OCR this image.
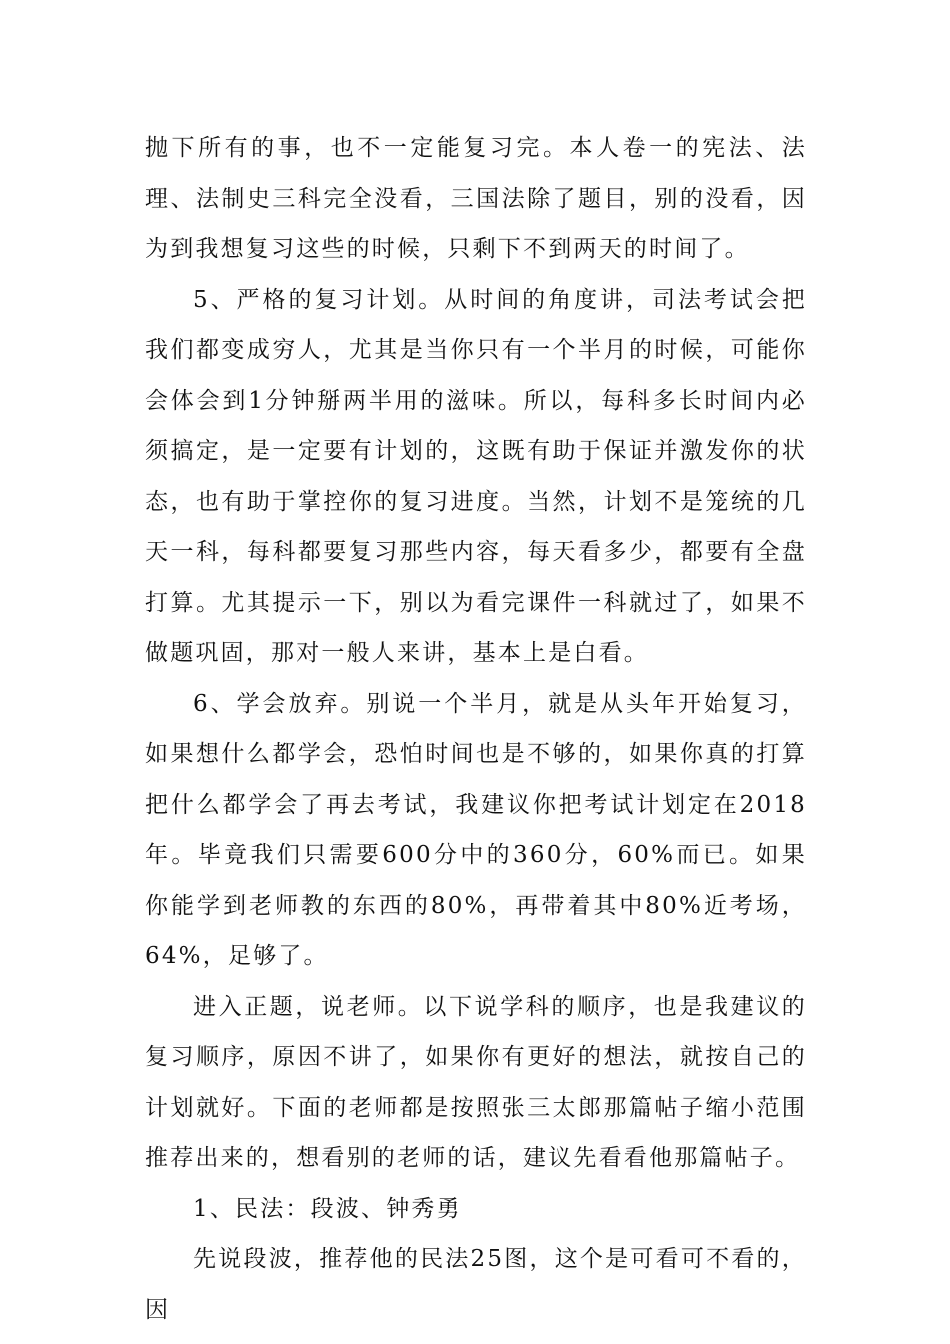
抛下所有的事，也不一定能复习完。本人卷一的宪法、法理、法制史三科完全没看，三国法除了题目，别的没看，因为到我想复习这些的时候，只剩下不到两天的时间了。

5、严格的复习计划。从时间的角度讲，司法考试会把我们都变成穷人，尤其是当你只有一个半月的时候，可能你会体会到1分钟掰两半用的滋味。所以，每科多长时间内必须搞定，是一定要有计划的，这既有助于保证并激发你的状态，也有助于掌控你的复习进度。当然，计划不是笼统的几天一科，每科都要复习那些内容，每天看多少，都要有全盘打算。尤其提示一下，别以为看完课件一科就过了，如果不做题巩固，那对一般人来讲，基本上是白看。

6、学会放弃。别说一个半月，就是从头年开始复习，如果想什么都学会，恐怕时间也是不够的，如果你真的打算把什么都学会了再去考试，我建议你把考试计划定在2018年。毕竟我们只需要600分中的360分，60%而已。如果你能学到老师教的东西的80%，再带着其中80%近考场，64%，足够了。

进入正题，说老师。以下说学科的顺序，也是我建议的复习顺序，原因不讲了，如果你有更好的想法，就按自己的计划就好。下面的老师都是按照张三太郎那篇帖子缩小范围推荐出来的，想看别的老师的话，建议先看看他那篇帖子。

1、民法：段波、钟秀勇

先说段波，推荐他的民法25图，这个是可看可不看的，因
